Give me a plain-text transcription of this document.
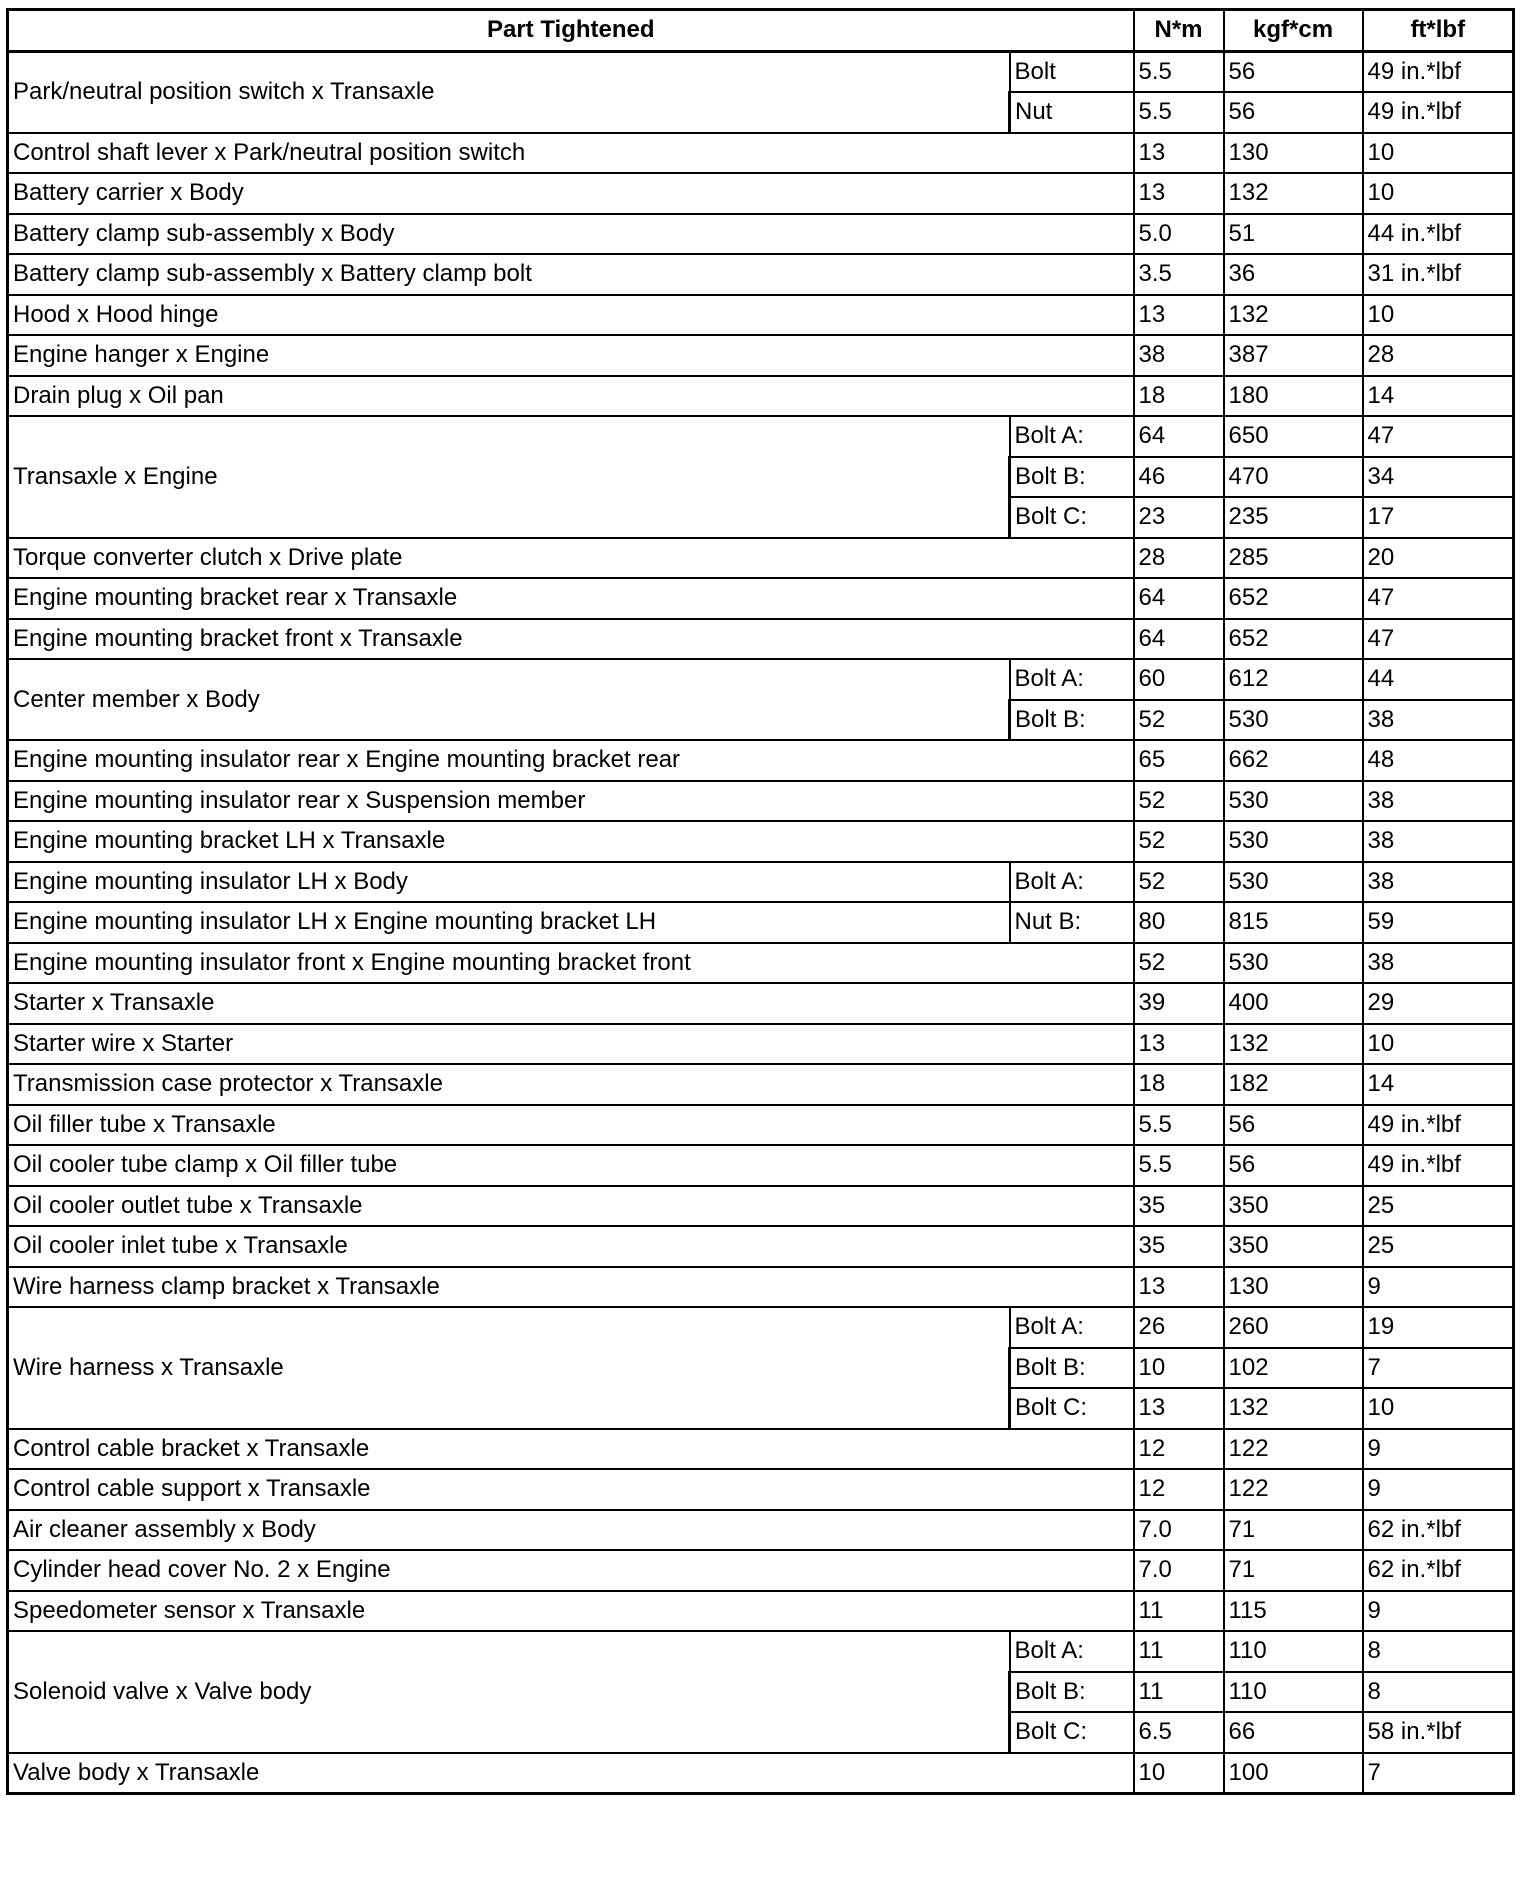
Part Tightened		N*m	kgf*cm	ft*lbf
Park/neutral position switch x Transaxle	Bolt	5.5	56	49 in.*lbf
	Nut	5.5	56	49 in.*lbf
Control shaft lever x Park/neutral position switch		13	130	10
Battery carrier x Body		13	132	10
Battery clamp sub-assembly x Body		5.0	51	44 in.*lbf
Battery clamp sub-assembly x Battery clamp bolt		3.5	36	31 in.*lbf
Hood x Hood hinge		13	132	10
Engine hanger x Engine		38	387	28
Drain plug x Oil pan		18	180	14
Transaxle x Engine	Bolt A:	64	650	47
	Bolt B:	46	470	34
	Bolt C:	23	235	17
Torque converter clutch x Drive plate		28	285	20
Engine mounting bracket rear x Transaxle		64	652	47
Engine mounting bracket front x Transaxle		64	652	47
Center member x Body	Bolt A:	60	612	44
	Bolt B:	52	530	38
Engine mounting insulator rear x Engine mounting bracket rear		65	662	48
Engine mounting insulator rear x Suspension member		52	530	38
Engine mounting bracket LH x Transaxle		52	530	38
Engine mounting insulator LH x Body	Bolt A:	52	530	38
Engine mounting insulator LH x Engine mounting bracket LH	Nut B:	80	815	59
Engine mounting insulator front x Engine mounting bracket front		52	530	38
Starter x Transaxle		39	400	29
Starter wire x Starter		13	132	10
Transmission case protector x Transaxle		18	182	14
Oil filler tube x Transaxle		5.5	56	49 in.*lbf
Oil cooler tube clamp x Oil filler tube		5.5	56	49 in.*lbf
Oil cooler outlet tube x Transaxle		35	350	25
Oil cooler inlet tube x Transaxle		35	350	25
Wire harness clamp bracket x Transaxle		13	130	9
Wire harness x Transaxle	Bolt A:	26	260	19
	Bolt B:	10	102	7
	Bolt C:	13	132	10
Control cable bracket x Transaxle		12	122	9
Control cable support x Transaxle		12	122	9
Air cleaner assembly x Body		7.0	71	62 in.*lbf
Cylinder head cover No. 2 x Engine		7.0	71	62 in.*lbf
Speedometer sensor x Transaxle		11	115	9
Solenoid valve x Valve body	Bolt A:	11	110	8
	Bolt B:	11	110	8
	Bolt C:	6.5	66	58 in.*lbf
Valve body x Transaxle		10	100	7
